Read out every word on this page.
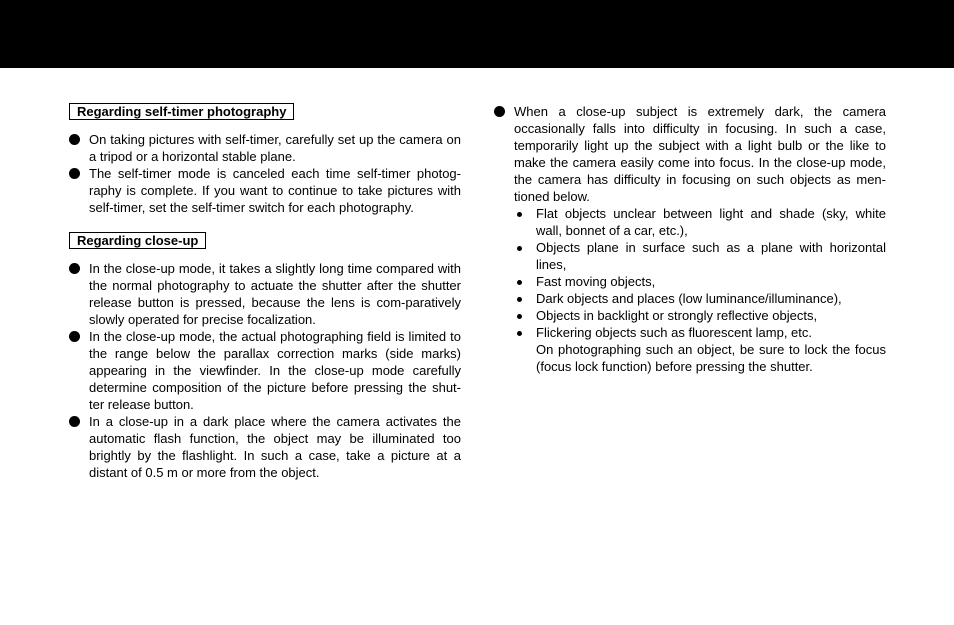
Regarding self-timer photography
On taking pictures with self-timer, carefully set up the camera on a tripod or a horizontal stable plane.
The self-timer mode is canceled each time self-timer photog-raphy is complete. If you want to continue to take pictures with self-timer, set the self-timer switch for each photography.
Regarding close-up
In the close-up mode, it takes a slightly long time compared with the normal photography to actuate the shutter after the shutter release button is pressed, because the lens is com-paratively slowly operated for precise focalization.
In the close-up mode, the actual photographing field is limited to the range below the parallax correction marks (side marks) appearing in the viewfinder. In the close-up mode carefully determine composition of the picture before pressing the shut-ter release button.
In a close-up in a dark place where the camera activates the automatic flash function, the object may be illuminated too brightly by the flashlight. In such a case, take a picture at a distant of 0.5 m or more from the object.
When a close-up subject is extremely dark, the camera occasionally falls into difficulty in focusing. In such a case, temporarily light up the subject with a light bulb or the like to make the camera easily come into focus. In the close-up mode, the camera has difficulty in focusing on such objects as men-tioned below.
Flat objects unclear between light and shade (sky, white wall, bonnet of a car, etc.),
Objects plane in surface such as a plane with horizontal lines,
Fast moving objects,
Dark objects and places (low luminance/illuminance),
Objects in backlight or strongly reflective objects,
Flickering objects such as fluorescent lamp, etc.
On photographing such an object, be sure to lock the focus (focus lock function) before pressing the shutter.
